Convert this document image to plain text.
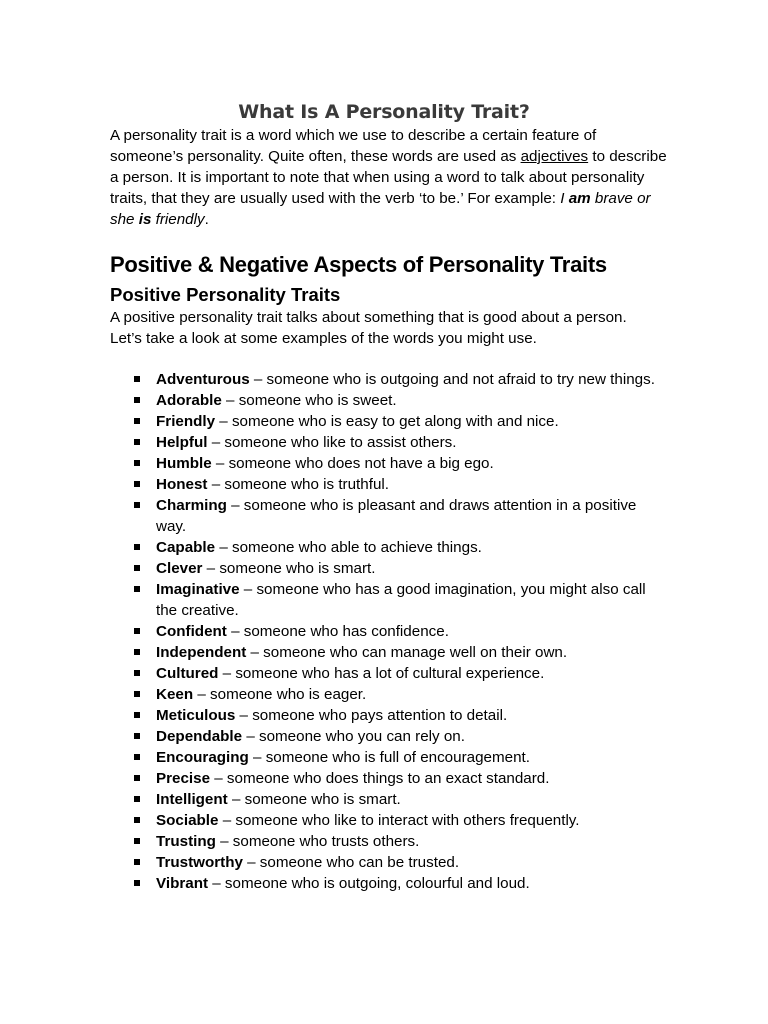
What Is A Personality Trait?

A personality trait is a word which we use to describe a certain feature of someone’s personality. Quite often, these words are used as adjectives to describe a person. It is important to note that when using a word to talk about personality traits, that they are usually used with the verb ‘to be.’ For example: I am brave or she is friendly.

Positive & Negative Aspects of Personality Traits
Positive Personality Traits

A positive personality trait talks about something that is good about a person. Let’s take a look at some examples of the words you might use.

Adventurous – someone who is outgoing and not afraid to try new things.
Adorable – someone who is sweet.
Friendly – someone who is easy to get along with and nice.
Helpful – someone who like to assist others.
Humble – someone who does not have a big ego.
Honest – someone who is truthful.
Charming – someone who is pleasant and draws attention in a positive way.
Capable – someone who able to achieve things.
Clever – someone who is smart.
Imaginative – someone who has a good imagination, you might also call the creative.
Confident – someone who has confidence.
Independent – someone who can manage well on their own.
Cultured – someone who has a lot of cultural experience.
Keen – someone who is eager.
Meticulous – someone who pays attention to detail.
Dependable – someone who you can rely on.
Encouraging – someone who is full of encouragement.
Precise – someone who does things to an exact standard.
Intelligent – someone who is smart.
Sociable – someone who like to interact with others frequently.
Trusting – someone who trusts others.
Trustworthy – someone who can be trusted.
Vibrant – someone who is outgoing, colourful and loud.
